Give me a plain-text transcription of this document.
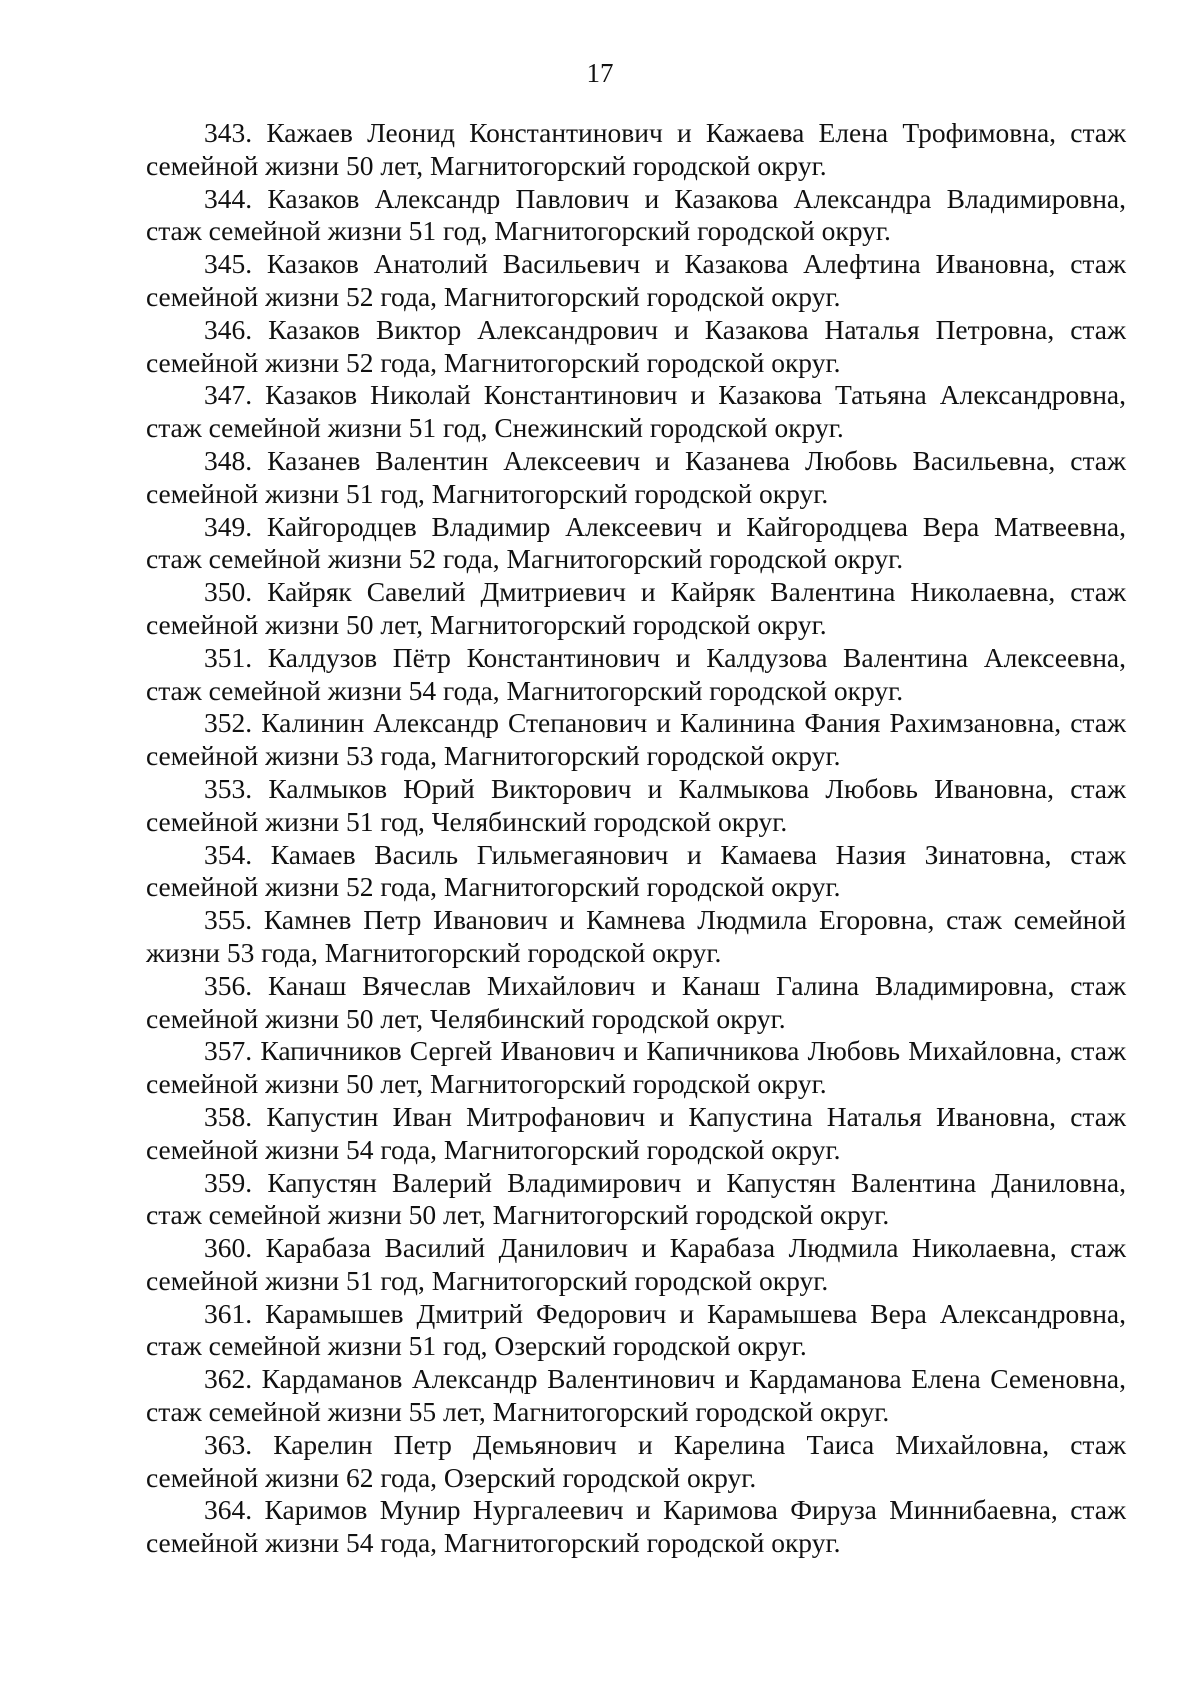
17
343. Кажаев Леонид Константинович и Кажаева Елена Трофимовна, стаж семейной жизни 50 лет, Магнитогорский городской округ.
344. Казаков Александр Павлович и Казакова Александра Владимировна, стаж семейной жизни 51 год, Магнитогорский городской округ.
345. Казаков Анатолий Васильевич и Казакова Алефтина Ивановна, стаж семейной жизни 52 года, Магнитогорский городской округ.
346. Казаков Виктор Александрович и Казакова Наталья Петровна, стаж семейной жизни 52 года, Магнитогорский городской округ.
347. Казаков Николай Константинович и Казакова Татьяна Александровна, стаж семейной жизни 51 год, Снежинский городской округ.
348. Казанев Валентин Алексеевич и Казанева Любовь Васильевна, стаж семейной жизни 51 год, Магнитогорский городской округ.
349. Кайгородцев Владимир Алексеевич и Кайгородцева Вера Матвеевна, стаж семейной жизни 52 года, Магнитогорский городской округ.
350. Кайряк Савелий Дмитриевич и Кайряк Валентина Николаевна, стаж семейной жизни 50 лет, Магнитогорский городской округ.
351. Калдузов Пётр Константинович и Калдузова Валентина Алексеевна, стаж семейной жизни 54 года, Магнитогорский городской округ.
352. Калинин Александр Степанович и Калинина Фания Рахимзановна, стаж семейной жизни 53 года, Магнитогорский городской округ.
353. Калмыков Юрий Викторович и Калмыкова Любовь Ивановна, стаж семейной жизни 51 год, Челябинский городской округ.
354. Камаев Василь Гильмегаянович и Камаева Назия Зинатовна, стаж семейной жизни 52 года, Магнитогорский городской округ.
355. Камнев Петр Иванович и Камнева Людмила Егоровна, стаж семейной жизни 53 года, Магнитогорский городской округ.
356. Канаш Вячеслав Михайлович и Канаш Галина Владимировна, стаж семейной жизни 50 лет, Челябинский городской округ.
357. Капичников Сергей Иванович и Капичникова Любовь Михайловна, стаж семейной жизни 50 лет, Магнитогорский городской округ.
358. Капустин Иван Митрофанович и Капустина Наталья Ивановна, стаж семейной жизни 54 года, Магнитогорский городской округ.
359. Капустян Валерий Владимирович и Капустян Валентина Даниловна, стаж семейной жизни 50 лет, Магнитогорский городской округ.
360. Карабаза Василий Данилович и Карабаза Людмила Николаевна, стаж семейной жизни 51 год, Магнитогорский городской округ.
361. Карамышев Дмитрий Федорович и Карамышева Вера Александровна, стаж семейной жизни 51 год, Озерский городской округ.
362. Кардаманов Александр Валентинович и Кардаманова Елена Семеновна, стаж семейной жизни 55 лет, Магнитогорский городской округ.
363. Карелин Петр Демьянович и Карелина Таиса Михайловна, стаж семейной жизни 62 года, Озерский городской округ.
364. Каримов Мунир Нургалеевич и Каримова Фируза Миннибаевна, стаж семейной жизни 54 года, Магнитогорский городской округ.
